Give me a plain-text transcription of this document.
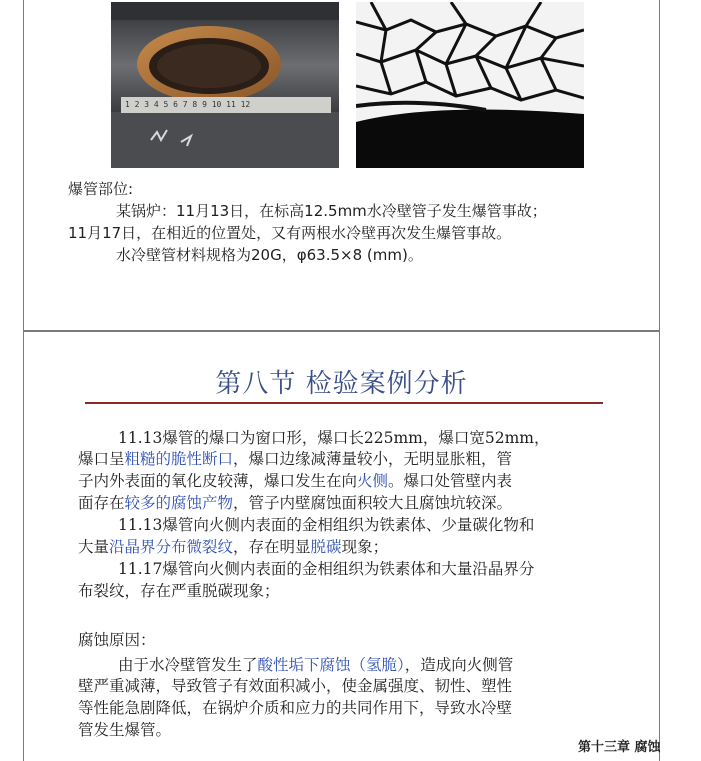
1 2 3 4 5 6 7 8 9 10 11 12
爆管部位:
某锅炉：11月13日，在标高12.5mm水冷壁管子发生爆管事故；
11月17日，在相近的位置处，又有两根水冷壁再次发生爆管事故。
水冷壁管材料规格为20G，φ63.5×8 (mm)。
第八节 检验案例分析
11.13爆管的爆口为窗口形，爆口长225mm，爆口宽52mm，
爆口呈粗糙的脆性断口，爆口边缘减薄量较小，无明显胀粗，管
子内外表面的氧化皮较薄，爆口发生在向火侧。爆口处管壁内表
面存在较多的腐蚀产物，管子内壁腐蚀面积较大且腐蚀坑较深。
11.13爆管向火侧内表面的金相组织为铁素体、少量碳化物和
大量沿晶界分布微裂纹，存在明显脱碳现象；
11.17爆管向火侧内表面的金相组织为铁素体和大量沿晶界分
布裂纹，存在严重脱碳现象；
腐蚀原因：
由于水冷壁管发生了酸性垢下腐蚀（氢脆），造成向火侧管
壁严重减薄，导致管子有效面积减小，使金属强度、韧性、塑性
等性能急剧降低，在锅炉介质和应力的共同作用下，导致水冷壁
管发生爆管。
第十三章 腐蚀
